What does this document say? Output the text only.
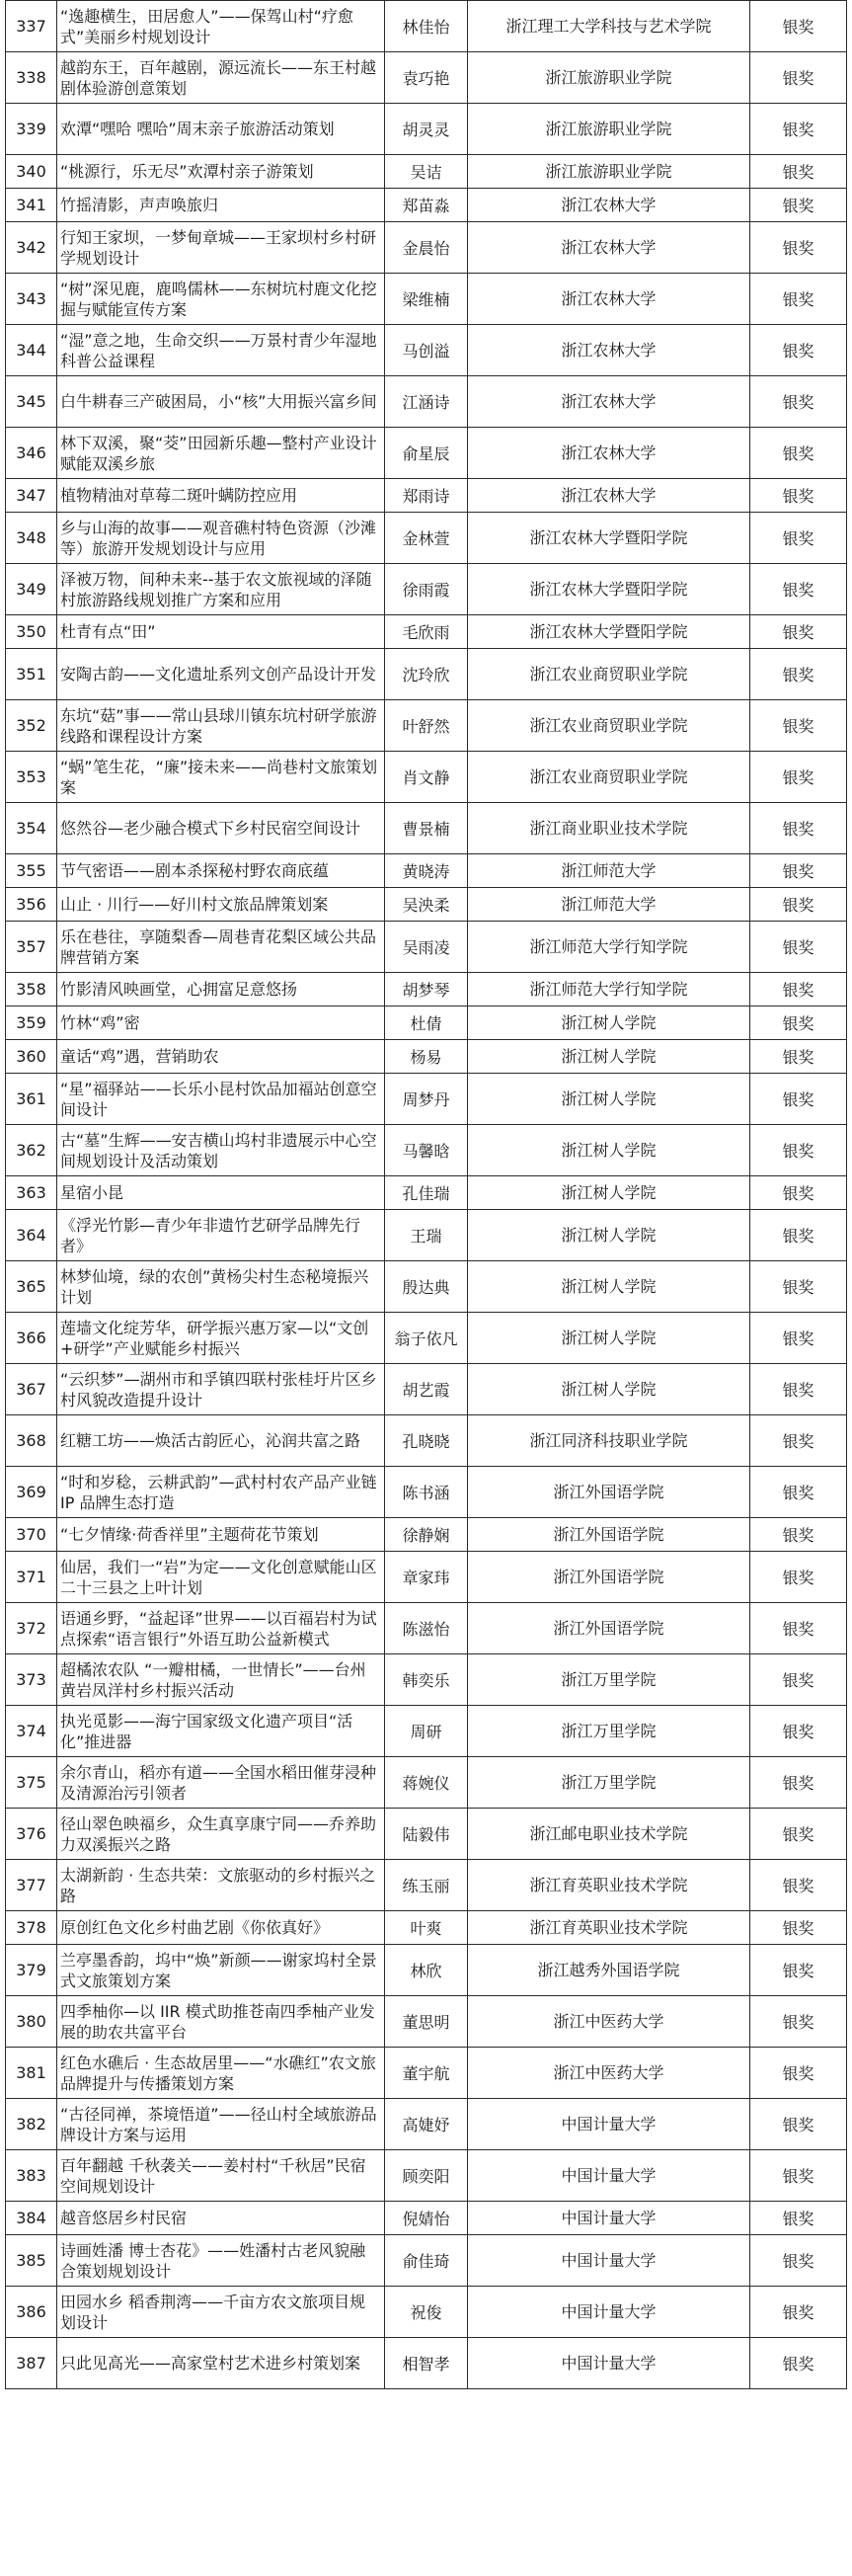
337	“逸趣横生，田居愈人”——保驾山村“疗愈式”美丽乡村规划设计	林佳怡	浙江理工大学科技与艺术学院	银奖
338	越韵东王，百年越剧，源远流长——东王村越剧体验游创意策划	袁巧艳	浙江旅游职业学院	银奖
339	欢潭“嘿哈 嘿哈”周末亲子旅游活动策划	胡灵灵	浙江旅游职业学院	银奖
340	“桃源行，乐无尽”欢潭村亲子游策划	吴诘	浙江旅游职业学院	银奖
341	竹摇清影，声声唤旅归	郑苗淼	浙江农林大学	银奖
342	行知王家坝，一梦甸章城——王家坝村乡村研学规划设计	金晨怡	浙江农林大学	银奖
343	“树”深见鹿，鹿鸣儒林——东树坑村鹿文化挖掘与赋能宣传方案	梁维楠	浙江农林大学	银奖
344	“湿”意之地，生命交织——万景村青少年湿地科普公益课程	马创溢	浙江农林大学	银奖
345	白牛耕春三产破困局，小“核”大用振兴富乡间	江涵诗	浙江农林大学	银奖
346	林下双溪，聚“茭”田园新乐趣—整村产业设计赋能双溪乡旅	俞星辰	浙江农林大学	银奖
347	植物精油对草莓二斑叶螨防控应用	郑雨诗	浙江农林大学	银奖
348	乡与山海的故事——观音礁村特色资源（沙滩等）旅游开发规划设计与应用	金林萱	浙江农林大学暨阳学院	银奖
349	泽被万物，间种未来--基于农文旅视域的泽随村旅游路线规划推广方案和应用	徐雨霞	浙江农林大学暨阳学院	银奖
350	杜青有点“田”	毛欣雨	浙江农林大学暨阳学院	银奖
351	安陶古韵——文化遗址系列文创产品设计开发	沈玲欣	浙江农业商贸职业学院	银奖
352	东坑“菇”事——常山县球川镇东坑村研学旅游线路和课程设计方案	叶舒然	浙江农业商贸职业学院	银奖
353	“蜗”笔生花，“廉”接未来——尚巷村文旅策划案	肖文静	浙江农业商贸职业学院	银奖
354	悠然谷—老少融合模式下乡村民宿空间设计	曹景楠	浙江商业职业技术学院	银奖
355	节气密语——剧本杀探秘村野农商底蕴	黄晓涛	浙江师范大学	银奖
356	山止 · 川行——好川村文旅品牌策划案	吴泱柔	浙江师范大学	银奖
357	乐在巷往，享随梨香—周巷青花梨区域公共品牌营销方案	吴雨凌	浙江师范大学行知学院	银奖
358	竹影清风映画堂，心拥富足意悠扬	胡梦琴	浙江师范大学行知学院	银奖
359	竹林“鸡”密	杜倩	浙江树人学院	银奖
360	童话“鸡”遇，营销助农	杨易	浙江树人学院	银奖
361	“星”福驿站——长乐小昆村饮品加福站创意空间设计	周梦丹	浙江树人学院	银奖
362	古“墓”生辉——安吉横山坞村非遗展示中心空间规划设计及活动策划	马馨晗	浙江树人学院	银奖
363	星宿小昆	孔佳瑞	浙江树人学院	银奖
364	《浮光竹影—青少年非遗竹艺研学品牌先行者》	王瑞	浙江树人学院	银奖
365	林梦仙境，绿的农创”黄杨尖村生态秘境振兴计划	殷达典	浙江树人学院	银奖
366	莲墙文化绽芳华，研学振兴惠万家—以“文创+研学”产业赋能乡村振兴	翁子依凡	浙江树人学院	银奖
367	“云织梦”—湖州市和孚镇四联村张桂圩片区乡村风貌改造提升设计	胡艺霞	浙江树人学院	银奖
368	红糖工坊——焕活古韵匠心，沁润共富之路	孔晓晓	浙江同济科技职业学院	银奖
369	“时和岁稔，云耕武韵”—武村村农产品产业链 IP 品牌生态打造	陈书涵	浙江外国语学院	银奖
370	“七夕情缘·荷香祥里”主题荷花节策划	徐静娴	浙江外国语学院	银奖
371	仙居，我们一“岩”为定——文化创意赋能山区二十三县之上叶计划	章家玮	浙江外国语学院	银奖
372	语通乡野，“益起译”世界——以百福岩村为试点探索“语言银行”外语互助公益新模式	陈滋怡	浙江外国语学院	银奖
373	超橘浓农队 “一瓣柑橘，一世情长”——台州黄岩凤洋村乡村振兴活动	韩奕乐	浙江万里学院	银奖
374	执光觅影——海宁国家级文化遗产项目“活化”推进器	周研	浙江万里学院	银奖
375	余尔青山，稻亦有道——全国水稻田催芽浸种及清源治污引领者	蒋婉仪	浙江万里学院	银奖
376	径山翠色映福乡，众生真享康宁同——乔养助力双溪振兴之路	陆毅伟	浙江邮电职业技术学院	银奖
377	太湖新韵 · 生态共荣：文旅驱动的乡村振兴之路	练玉丽	浙江育英职业技术学院	银奖
378	原创红色文化乡村曲艺剧《你依真好》	叶爽	浙江育英职业技术学院	银奖
379	兰亭墨香韵，坞中“焕”新颜——谢家坞村全景式文旅策划方案	林欣	浙江越秀外国语学院	银奖
380	四季柚你—以 IIR 模式助推苍南四季柚产业发展的助农共富平台	董思明	浙江中医药大学	银奖
381	红色水礁后 · 生态故居里——“水礁红”农文旅品牌提升与传播策划方案	董宇航	浙江中医药大学	银奖
382	“古径同禅，茶境悟道”——径山村全域旅游品牌设计方案与运用	高婕妤	中国计量大学	银奖
383	百年翻越 千秋袭关——姜村村“千秋居”民宿空间规划设计	顾奕阳	中国计量大学	银奖
384	越音悠居乡村民宿	倪婧怡	中国计量大学	银奖
385	诗画姓潘 博士杏花》——姓潘村古老风貌融合策划规划设计	俞佳琦	中国计量大学	银奖
386	田园水乡 稻香荆湾——千亩方农文旅项目规划设计	祝俊	中国计量大学	银奖
387	只此见高光——高家堂村艺术进乡村策划案	相智孝	中国计量大学	银奖
